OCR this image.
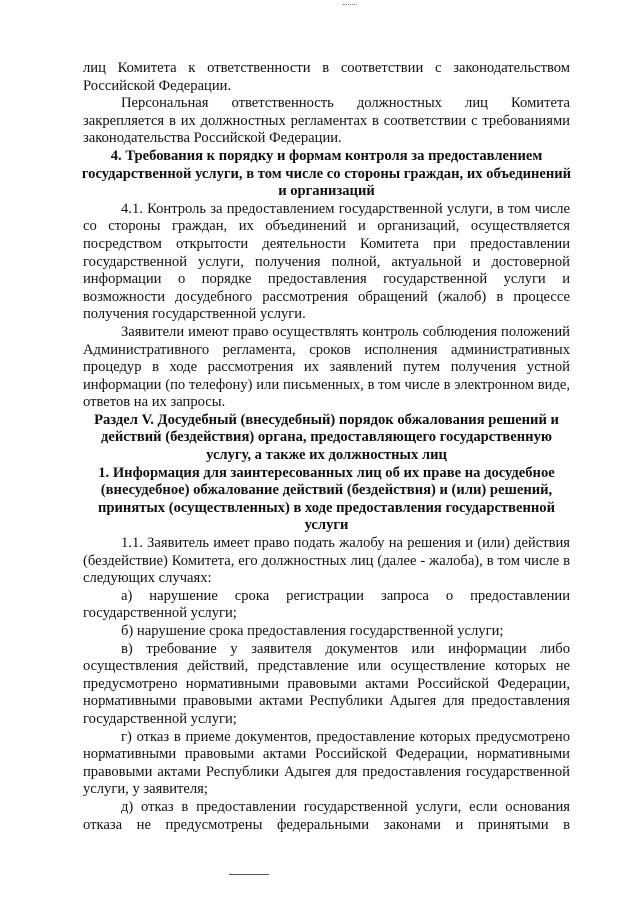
лиц Комитета к ответственности в соответствии с законодательством Российской Федерации.

Персональная ответственность должностных лиц Комитета закрепляется в их должностных регламентах в соответствии с требованиями законодательства Российской Федерации.

4. Требования к порядку и формам контроля за предоставлением государственной услуги, в том числе со стороны граждан, их объединений и организаций

4.1. Контроль за предоставлением государственной услуги, в том числе со стороны граждан, их объединений и организаций, осуществляется посредством открытости деятельности Комитета при предоставлении государственной услуги, получения полной, актуальной и достоверной информации о порядке предоставления государственной услуги и возможности досудебного рассмотрения обращений (жалоб) в процессе получения государственной услуги.

Заявители имеют право осуществлять контроль соблюдения положений Административного регламента, сроков исполнения административных процедур в ходе рассмотрения их заявлений путем получения устной информации (по телефону) или письменных, в том числе в электронном виде, ответов на их запросы.

Раздел V. Досудебный (внесудебный) порядок обжалования решений и действий (бездействия) органа, предоставляющего государственную услугу, а также их должностных лиц

1. Информация для заинтересованных лиц об их праве на досудебное (внесудебное) обжалование действий (бездействия) и (или) решений, принятых (осуществленных) в ходе предоставления государственной услуги

1.1. Заявитель имеет право подать жалобу на решения и (или) действия (бездействие) Комитета, его должностных лиц (далее - жалоба), в том числе в следующих случаях:

а) нарушение срока регистрации запроса о предоставлении государственной услуги;

б) нарушение срока предоставления государственной услуги;

в) требование у заявителя документов или информации либо осуществления действий, представление или осуществление которых не предусмотрено нормативными правовыми актами Российской Федерации, нормативными правовыми актами Республики Адыгея для предоставления государственной услуги;

г) отказ в приеме документов, предоставление которых предусмотрено нормативными правовыми актами Российской Федерации, нормативными правовыми актами Республики Адыгея для предоставления государственной услуги, у заявителя;

д) отказ в предоставлении государственной услуги, если основания отказа не предусмотрены федеральными законами и принятыми в
